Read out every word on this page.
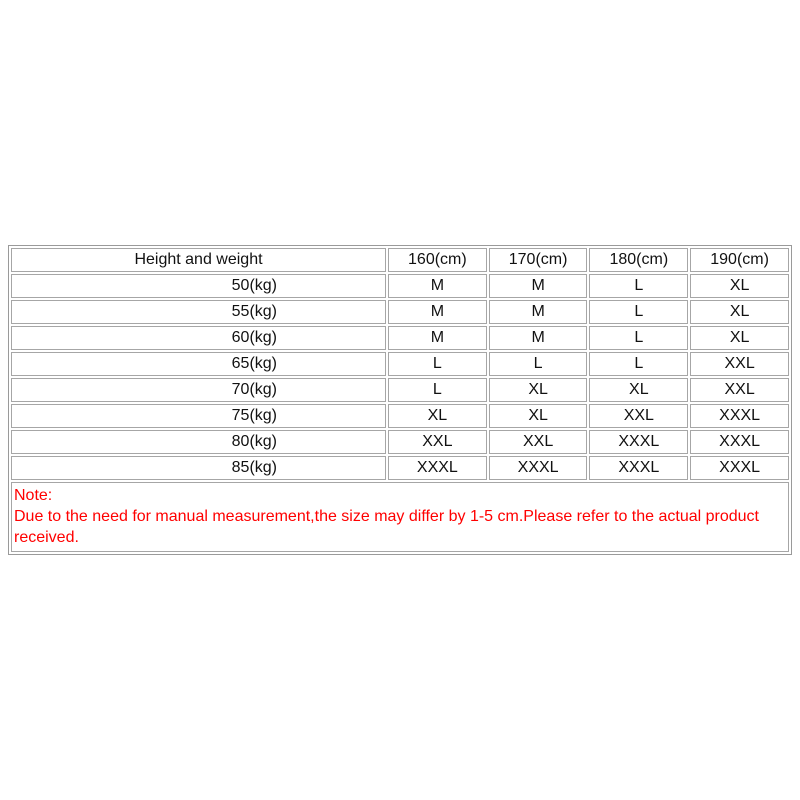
Height and weight	160(cm)	170(cm)	180(cm)	190(cm)
50(kg)	M	M	L	XL
55(kg)	M	M	L	XL
60(kg)	M	M	L	XL
65(kg)	L	L	L	XXL
70(kg)	L	XL	XL	XXL
75(kg)	XL	XL	XXL	XXXL
80(kg)	XXL	XXL	XXXL	XXXL
85(kg)	XXXL	XXXL	XXXL	XXXL

Note:
Due to the need for manual measurement,the size may differ by 1-5 cm.Please refer to the actual product received.				
